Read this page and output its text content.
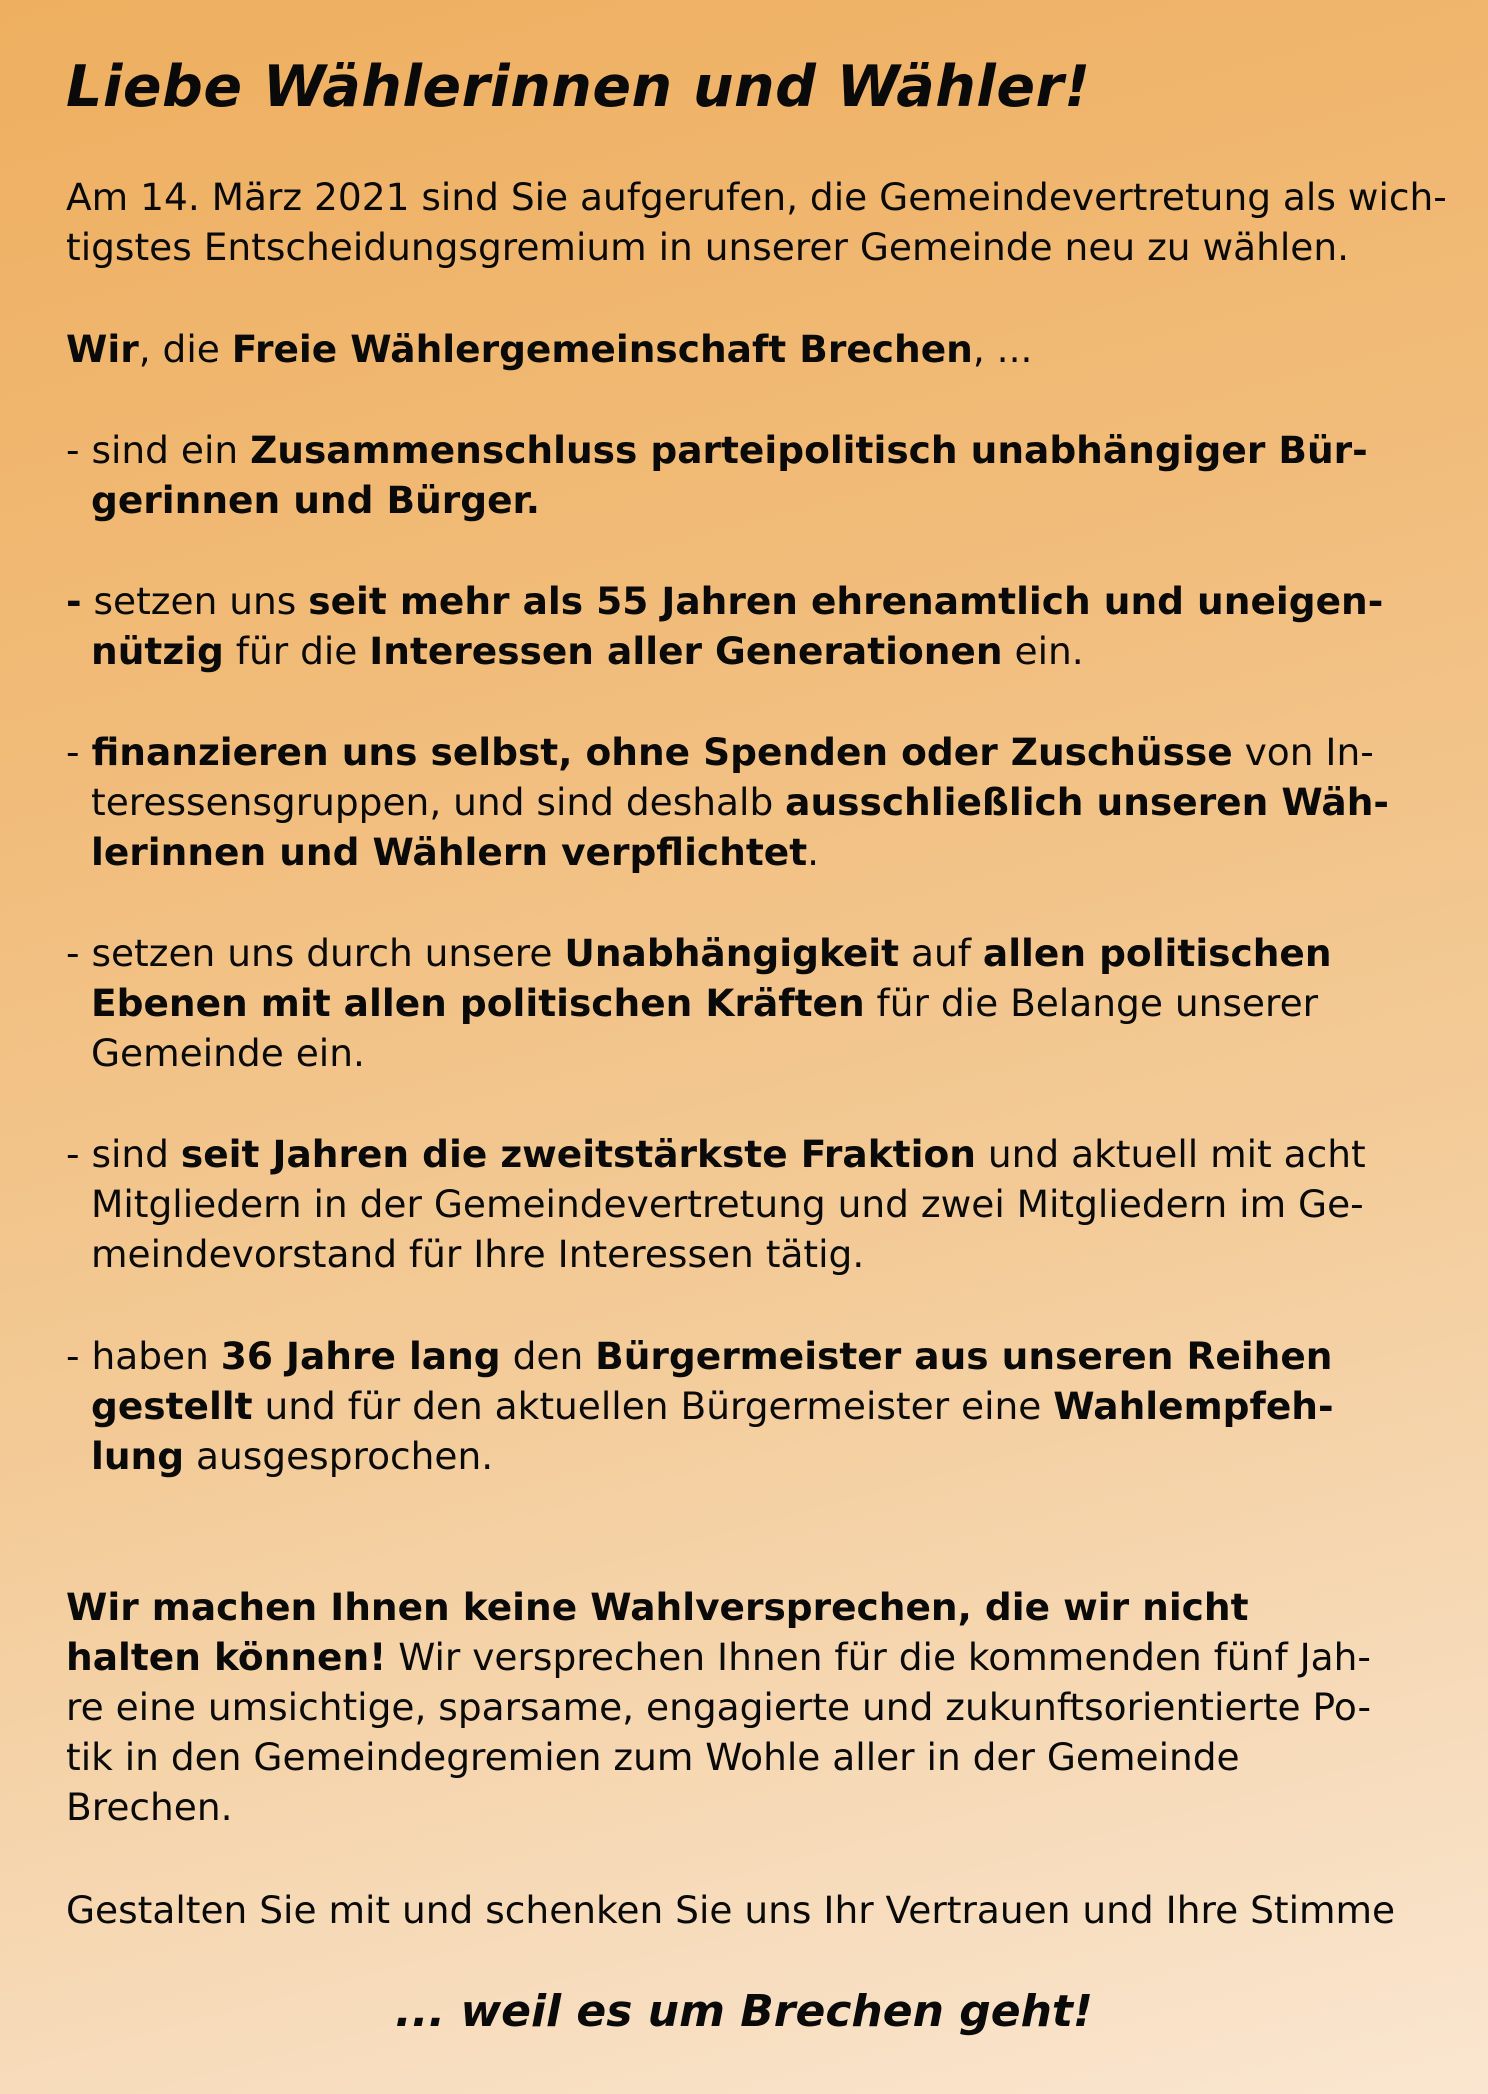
Liebe Wählerinnen und Wähler!
Am 14. März 2021 sind Sie aufgerufen, die Gemeindevertretung als wich-
tigstes Entscheidungsgremium in unserer Gemeinde neu zu wählen.
Wir, die Freie Wählergemeinschaft Brechen, ...
- sind ein Zusammenschluss parteipolitisch unabhängiger Bür-
gerinnen und Bürger.
- setzen uns seit mehr als 55 Jahren ehrenamtlich und uneigen-
nützig für die Interessen aller Generationen ein.
- finanzieren uns selbst, ohne Spenden oder Zuschüsse von In-
teressensgruppen, und sind deshalb ausschließlich unseren Wäh-
lerinnen und Wählern verpflichtet.
- setzen uns durch unsere Unabhängigkeit auf allen politischen
Ebenen mit allen politischen Kräften für die Belange unserer
Gemeinde ein.
- sind seit Jahren die zweitstärkste Fraktion und aktuell mit acht
Mitgliedern in der Gemeindevertretung und zwei Mitgliedern im Ge-
meindevorstand für Ihre Interessen tätig.
- haben 36 Jahre lang den Bürgermeister aus unseren Reihen
gestellt und für den aktuellen Bürgermeister eine Wahlempfeh-
lung ausgesprochen.
Wir machen Ihnen keine Wahlversprechen, die wir nicht
halten können! Wir versprechen Ihnen für die kommenden fünf Jah-
re eine umsichtige, sparsame, engagierte und zukunftsorientierte Po-
tik in den Gemeindegremien zum Wohle aller in der Gemeinde
Brechen.
Gestalten Sie mit und schenken Sie uns Ihr Vertrauen und Ihre Stimme
... weil es um Brechen geht!
